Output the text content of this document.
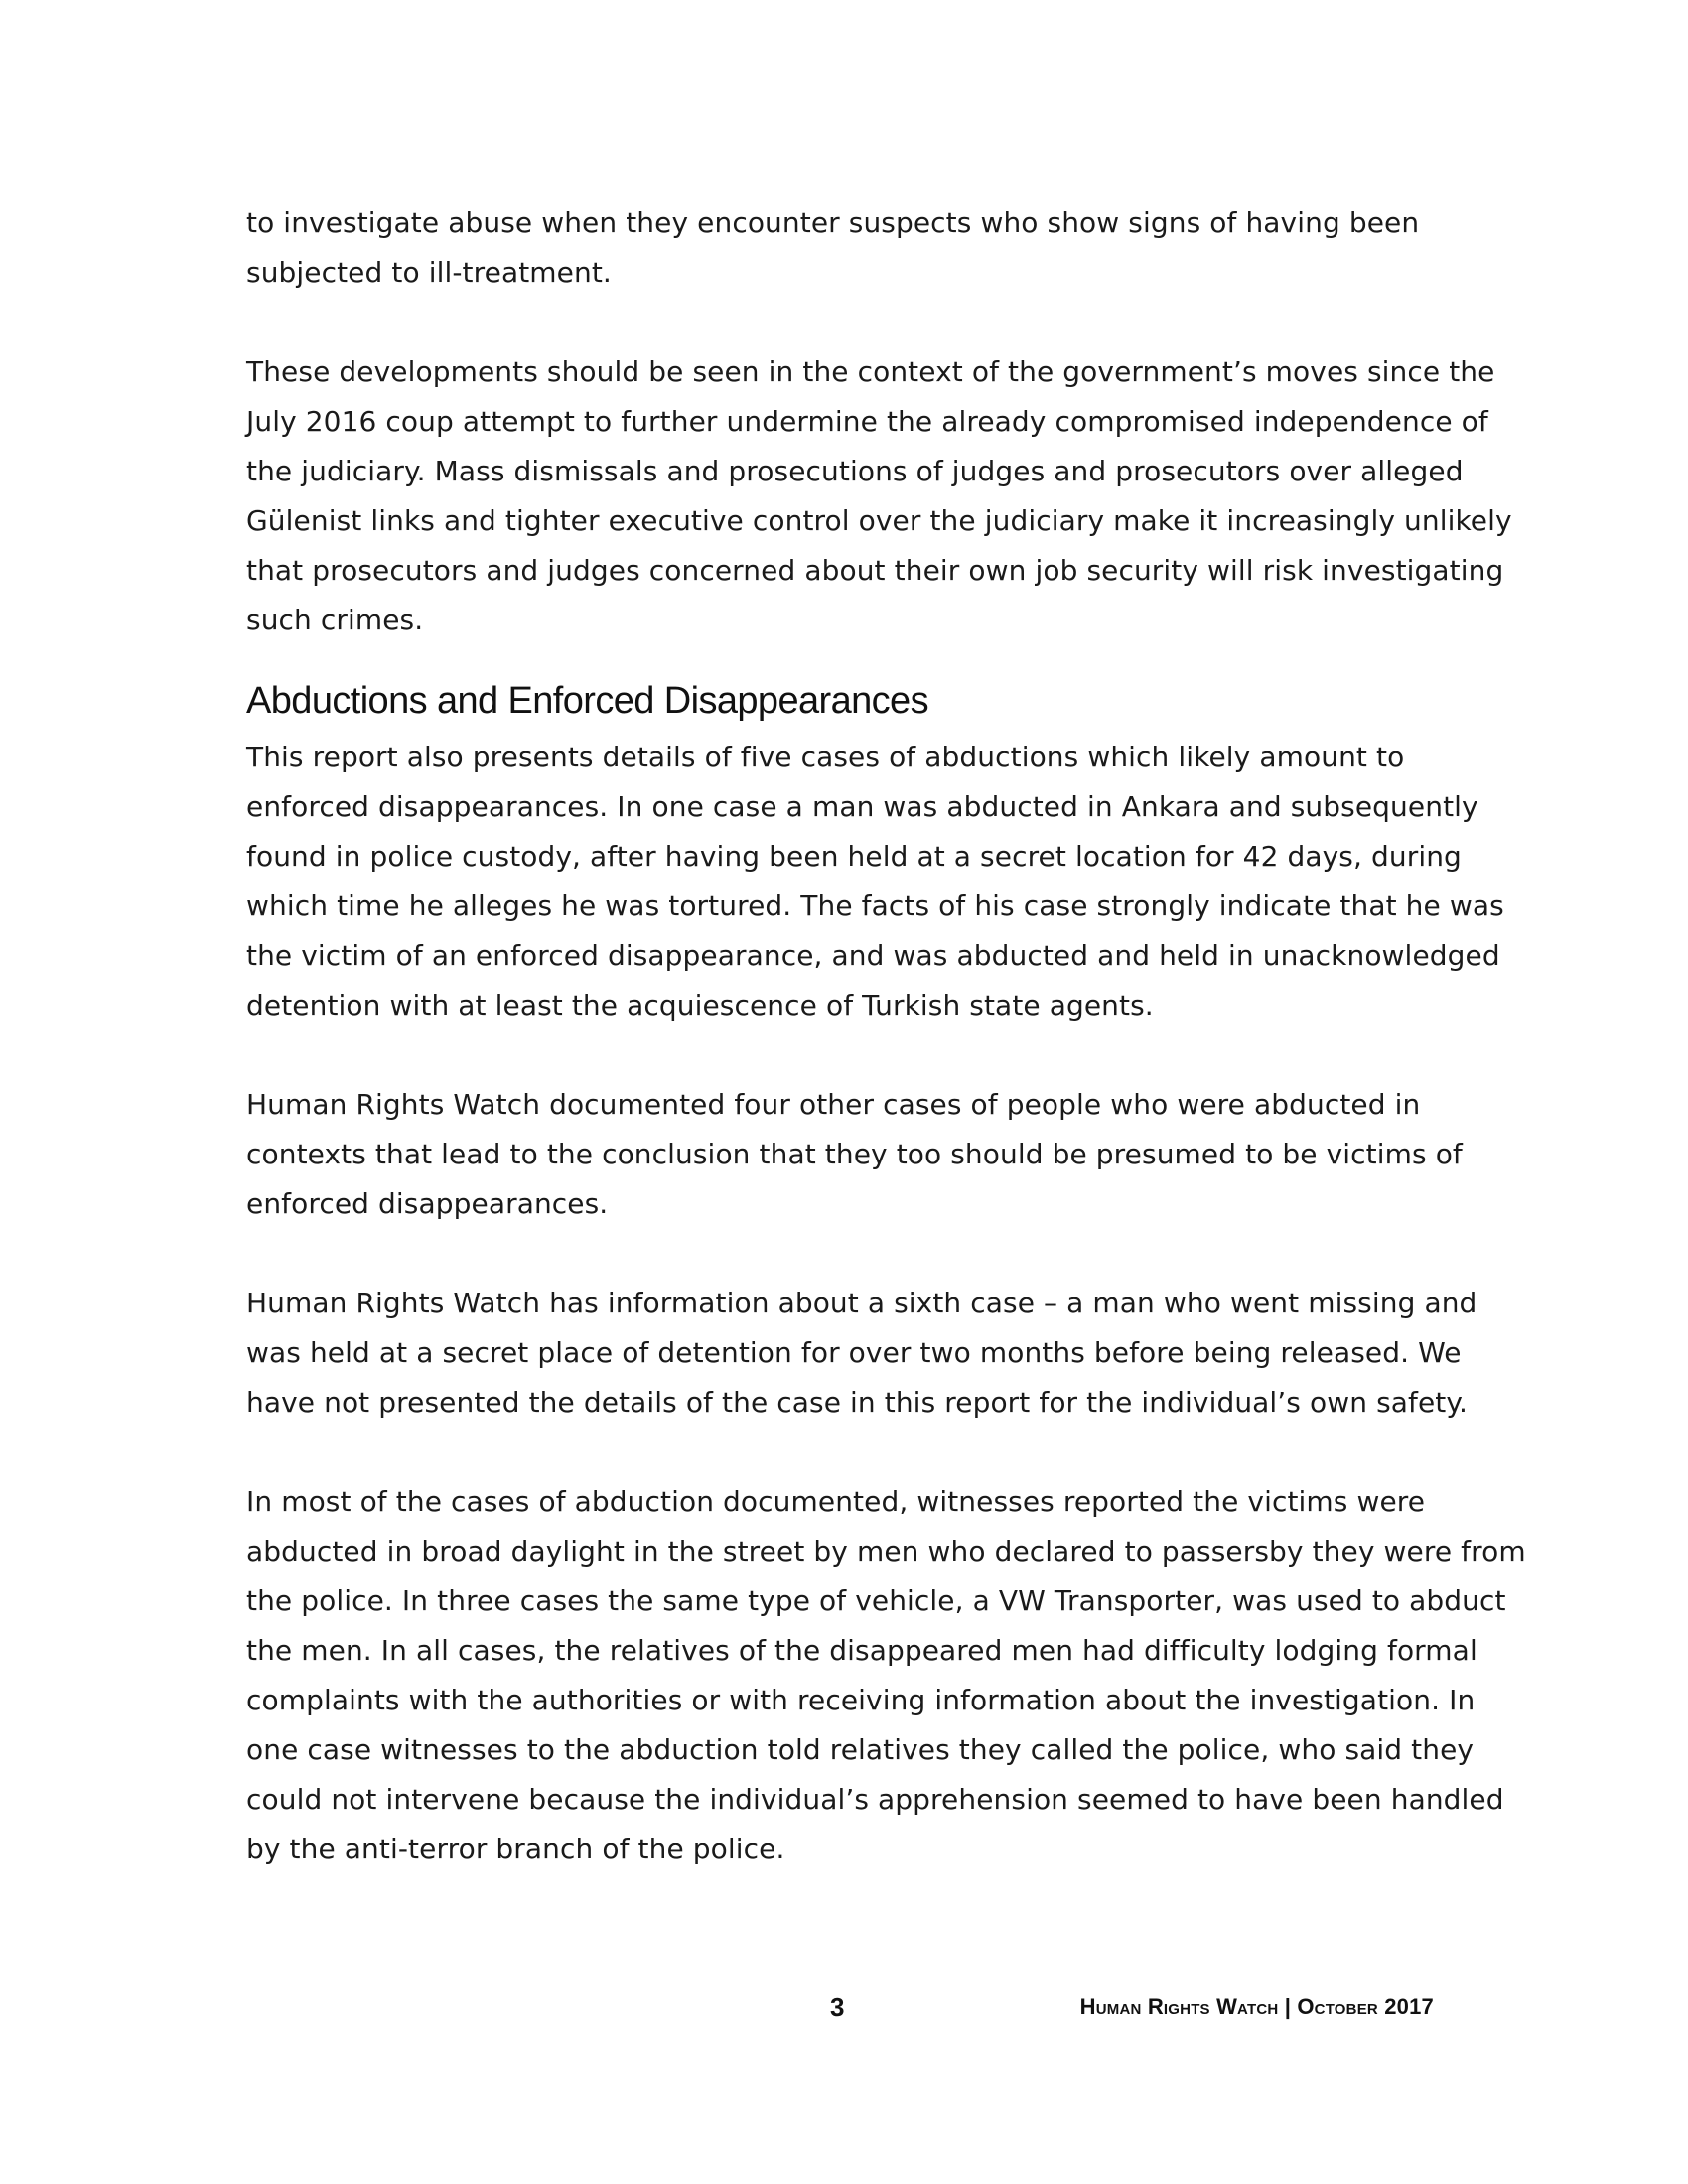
to investigate abuse when they encounter suspects who show signs of having been
subjected to ill-treatment.

These developments should be seen in the context of the government’s moves since the
July 2016 coup attempt to further undermine the already compromised independence of
the judiciary. Mass dismissals and prosecutions of judges and prosecutors over alleged
Gülenist links and tighter executive control over the judiciary make it increasingly unlikely
that prosecutors and judges concerned about their own job security will risk investigating
such crimes.

Abductions and Enforced Disappearances

This report also presents details of five cases of abductions which likely amount to
enforced disappearances. In one case a man was abducted in Ankara and subsequently
found in police custody, after having been held at a secret location for 42 days, during
which time he alleges he was tortured. The facts of his case strongly indicate that he was
the victim of an enforced disappearance, and was abducted and held in unacknowledged
detention with at least the acquiescence of Turkish state agents.

Human Rights Watch documented four other cases of people who were abducted in
contexts that lead to the conclusion that they too should be presumed to be victims of
enforced disappearances.

Human Rights Watch has information about a sixth case – a man who went missing and
was held at a secret place of detention for over two months before being released. We
have not presented the details of the case in this report for the individual’s own safety.

In most of the cases of abduction documented, witnesses reported the victims were
abducted in broad daylight in the street by men who declared to passersby they were from
the police. In three cases the same type of vehicle, a VW Transporter, was used to abduct
the men. In all cases, the relatives of the disappeared men had difficulty lodging formal
complaints with the authorities or with receiving information about the investigation. In
one case witnesses to the abduction told relatives they called the police, who said they
could not intervene because the individual’s apprehension seemed to have been handled
by the anti-terror branch of the police.

3	Human Rights Watch | October 2017
